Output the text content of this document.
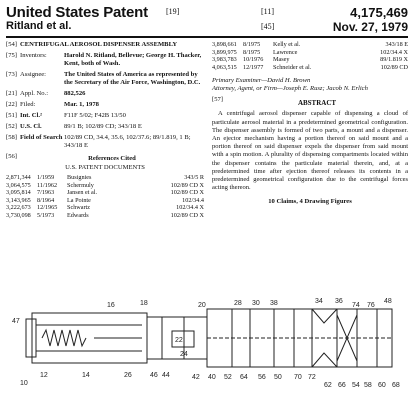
United States Patent [19]	[11]	4,175,469
Ritland et al.	[45]	Nov. 27, 1979
[54] CENTRIFUGAL AEROSOL DISPENSER ASSEMBLY
[75] Inventors:	Harold N. Ritland, Bellevue; George H. Thacker, Kent, both of Wash.
[73] Assignee:	The United States of America as represented by the Secretary of the Air Force, Washington, D.C.
[21] Appl. No.:	882,526
[22] Filed:	Mar. 1, 1978
[51] Int. Cl.²	F11F 5/02; F42B 13/50
[52] U.S. Cl.	89/1 B; 102/89 CD; 343/18 E
[58] Field of Search 102/89 CD, 34.4, 35.6, 102/37.6; 89/1.819, 1 B; 343/18 E
[56]	References Cited
U.S. PATENT DOCUMENTS
2,871,344	1/1959	Busignies	343/5 R
3,064,575	11/1962	Schermuly	102/89 CD X
3,095,814	7/1963	Jansen et al.	102/89 CD X
3,143,965	8/1964	La Pointe	102/34.4
3,222,673	12/1965	Schwartz	102/34.4 X
3,730,098	5/1973	Edwards	102/89 CD X
3,898,661	8/1975	Kelly et al.	343/18 E
3,899,975	8/1975	Lawrence	102/34.4 X
3,983,783	10/1976	Masey	89/1.819 X
4,063,515	12/1977	Schneider et al.	102/89 CD
Primary Examiner—David H. Brown
Attorney, Agent, or Firm—Joseph E. Rusz; Jacob N. Erlich
[57]	ABSTRACT

A centrifugal aerosol dispenser capable of dispensing a cloud of particulate aerosol material in a predetermined geometrical configuration. The dispenser assembly is formed of two parts, a mount and a dispenser. An ejector mechanism having a portion thereof on said mount and a portion thereof on said dispenser expels the dispenser from said mount with a spin motion. A plurality of dispensing compartments located within the dispenser contains the particulate material therein, and, at a predetermined time after ejection thereof releases its contents in a predetermined geometrical configuration due to the centrifugal forces acting thereon.

10 Claims, 4 Drawing Figures
16	18	20
22
24
28 30	34 36
74 76
70 72
52 64 56 50
40
42
62 66 54 58 60
10
12	14
47
26
38
44
46
48
68
